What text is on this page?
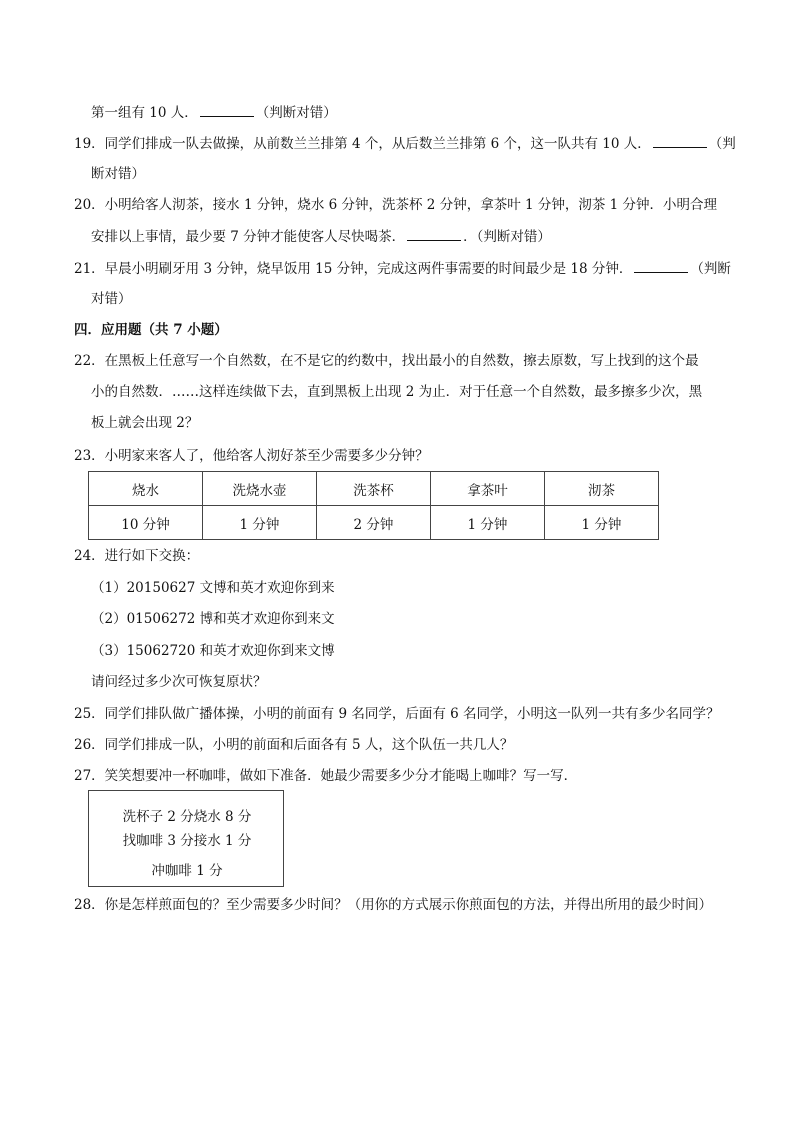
第一组有 10 人．	（判断对错）
19．同学们排成一队去做操，从前数兰兰排第 4 个，从后数兰兰排第 6 个，这一队共有 10 人．	（判
断对错）
20．小明给客人沏茶，接水 1 分钟，烧水 6 分钟，洗茶杯 2 分钟，拿茶叶 1 分钟，沏茶 1 分钟．小明合理
安排以上事情，最少要 7 分钟才能使客人尽快喝茶．	．（判断对错）
21．早晨小明刷牙用 3 分钟，烧早饭用 15 分钟，完成这两件事需要的时间最少是 18 分钟．	（判断
对错）
四．应用题（共 7 小题）
22．在黑板上任意写一个自然数，在不是它的约数中，找出最小的自然数，擦去原数，写上找到的这个最
小的自然数．……这样连续做下去，直到黑板上出现 2 为止．对于任意一个自然数，最多擦多少次，黑
板上就会出现 2？
23．小明家来客人了，他给客人沏好茶至少需要多少分钟？
烧水	洗烧水壶	洗茶杯	拿茶叶	沏茶
10 分钟	1 分钟	2 分钟	1 分钟	1 分钟
24．进行如下交换：
（1）20150627 文博和英才欢迎你到来
（2）01506272 博和英才欢迎你到来文
（3）15062720 和英才欢迎你到来文博
请问经过多少次可恢复原状？
25．同学们排队做广播体操，小明的前面有 9 名同学，后面有 6 名同学，小明这一队列一共有多少名同学？
26．同学们排成一队，小明的前面和后面各有 5 人，这个队伍一共几人？
27．笑笑想要冲一杯咖啡，做如下准备．她最少需要多少分才能喝上咖啡？写一写．
洗杯子 2 分烧水 8 分
找咖啡 3 分接水 1 分
冲咖啡 1 分
28．你是怎样煎面包的？至少需要多少时间？（用你的方式展示你煎面包的方法，并得出所用的最少时间）
